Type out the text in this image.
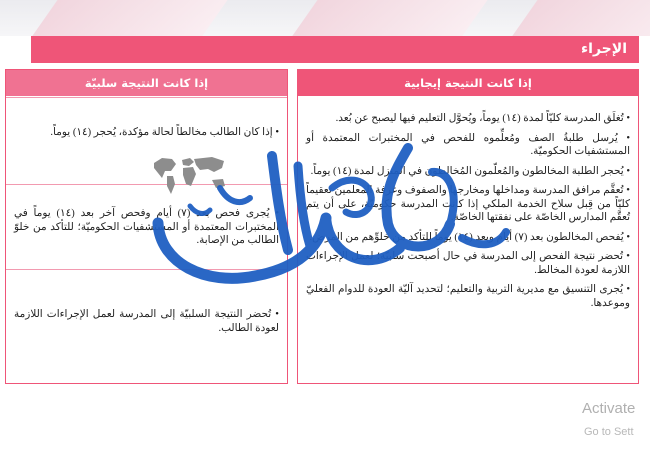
الإجراء
إذا كانت النتيجة سلبيّة

• إذا كان الطالب مخالطاً لحالة مؤكدة، يُحجر (١٤) يوماً.

• يُجرى فحص بعد (٧) أيام وفحص آخر بعد (١٤) يوماً في المختبرات المعتمدة أو المستشفيات الحكوميّة؛ للتأكد من خلوّ الطالب من الإصابة.

• تُحضر النتيجة السلبيّة إلى المدرسة لعمل الإجراءات اللازمة لعودة الطالب.

إذا كانت النتيجة إيجابية

• تُغلَق المدرسة كليّاً لمدة (١٤) يوماً، ويُحوَّل التعليم فيها ليصبح عن بُعد.

• يُرسل طلبةُ الصف ومُعلِّموه للفحص في المختبرات المعتمدة أو المستشفيات الحكوميّة.

• يُحجر الطلبة المخالطون والمُعلّمون المُخالطون في المنزل لمدة (١٤) يوماً.

• تُعقَّم مرافق المدرسة ومداخلها ومخارجها والصفوف وغرفة المعلمين تعقيماً كليّاً من قِبل سلاح الخدمة الملكي إذا كانت المدرسة حكوميّة، على أن يتم تُعقَّم المدارس الخاصّة على نفقتها الخاصّة.

• يُفحص المخالطون بعد (٧) أيام وبعد (١٤) يوماً للتأكد من خلوِّهم من المرض.

• تُحضر نتيجة الفحص إلى المدرسة في حال أصبحت سلبيّة؛ لعمل الإجراءات اللازمة لعودة المخالط.

• يُجرى التنسيق مع مديرية التربية والتعليم؛ لتحديد آليّة العودة للدوام الفعليّ وموعدها.

Activate
Go to Sett
